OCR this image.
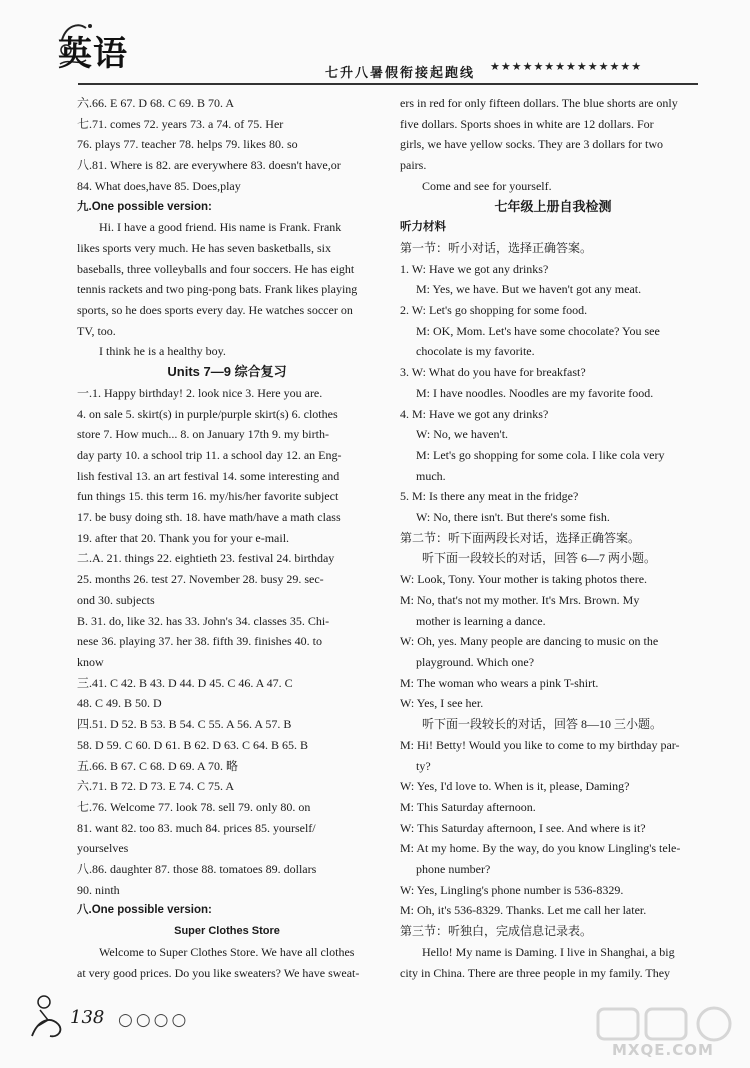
英语	七升八暑假衔接起跑线 ★★★★★★★★★★★★★★
六.66. E 67. D 68. C 69. B 70. A
七.71. comes 72. years 73. a 74. of 75. Her
76. plays 77. teacher 78. helps 79. likes 80. so
八.81. Where is 82. are everywhere 83. doesn't have,or
84. What does,have 85. Does,play
九.One possible version:
Hi. I have a good friend. His name is Frank. Frank
likes sports very much. He has seven basketballs, six
baseballs, three volleyballs and four soccers. He has eight
tennis rackets and two ping-pong bats. Frank likes playing
sports, so he does sports every day. He watches soccer on
TV, too.
I think he is a healthy boy.
Units 7—9 综合复习
一.1. Happy birthday! 2. look nice 3. Here you are.
4. on sale 5. skirt(s) in purple/purple skirt(s) 6. clothes
store 7. How much... 8. on January 17th 9. my birth-
day party 10. a school trip 11. a school day 12. an Eng-
lish festival 13. an art festival 14. some interesting and
fun things 15. this term 16. my/his/her favorite subject
17. be busy doing sth. 18. have math/have a math class
19. after that 20. Thank you for your e-mail.
二.A. 21. things 22. eightieth 23. festival 24. birthday
25. months 26. test 27. November 28. busy 29. sec-
ond 30. subjects
B. 31. do, like 32. has 33. John's 34. classes 35. Chi-
nese 36. playing 37. her 38. fifth 39. finishes 40. to
know
三.41. C 42. B 43. D 44. D 45. C 46. A 47. C
48. C 49. B 50. D
四.51. D 52. B 53. B 54. C 55. A 56. A 57. B
58. D 59. C 60. D 61. B 62. D 63. C 64. B 65. B
五.66. B 67. C 68. D 69. A 70. 略
六.71. B 72. D 73. E 74. C 75. A
七.76. Welcome 77. look 78. sell 79. only 80. on
81. want 82. too 83. much 84. prices 85. yourself/
yourselves
八.86. daughter 87. those 88. tomatoes 89. dollars
90. ninth
八.One possible version:
Super Clothes Store
Welcome to Super Clothes Store. We have all clothes
at very good prices. Do you like sweaters? We have sweat-
ers in red for only fifteen dollars. The blue shorts are only
five dollars. Sports shoes in white are 12 dollars. For
girls, we have yellow socks. They are 3 dollars for two
pairs.
Come and see for yourself.
七年级上册自我检测
听力材料
第一节：听小对话，选择正确答案。
1. W: Have we got any drinks?
M: Yes, we have. But we haven't got any meat.
2. W: Let's go shopping for some food.
M: OK, Mom. Let's have some chocolate? You see
chocolate is my favorite.
3. W: What do you have for breakfast?
M: I have noodles. Noodles are my favorite food.
4. M: Have we got any drinks?
W: No, we haven't.
M: Let's go shopping for some cola. I like cola very
much.
5. M: Is there any meat in the fridge?
W: No, there isn't. But there's some fish.
第二节：听下面两段长对话，选择正确答案。
听下面一段较长的对话，回答 6—7 两小题。
W: Look, Tony. Your mother is taking photos there.
M: No, that's not my mother. It's Mrs. Brown. My
mother is learning a dance.
W: Oh, yes. Many people are dancing to music on the
playground. Which one?
M: The woman who wears a pink T-shirt.
W: Yes, I see her.
听下面一段较长的对话，回答 8—10 三小题。
M: Hi! Betty! Would you like to come to my birthday par-
ty?
W: Yes, I'd love to. When is it, please, Daming?
M: This Saturday afternoon.
W: This Saturday afternoon, I see. And where is it?
M: At my home. By the way, do you know Lingling's tele-
phone number?
W: Yes, Lingling's phone number is 536-8329.
M: Oh, it's 536-8329. Thanks. Let me call her later.
第三节：听独白，完成信息记录表。
Hello! My name is Daming. I live in Shanghai, a big
city in China. There are three people in my family. They
138 ○○○○
MXQE.COM
